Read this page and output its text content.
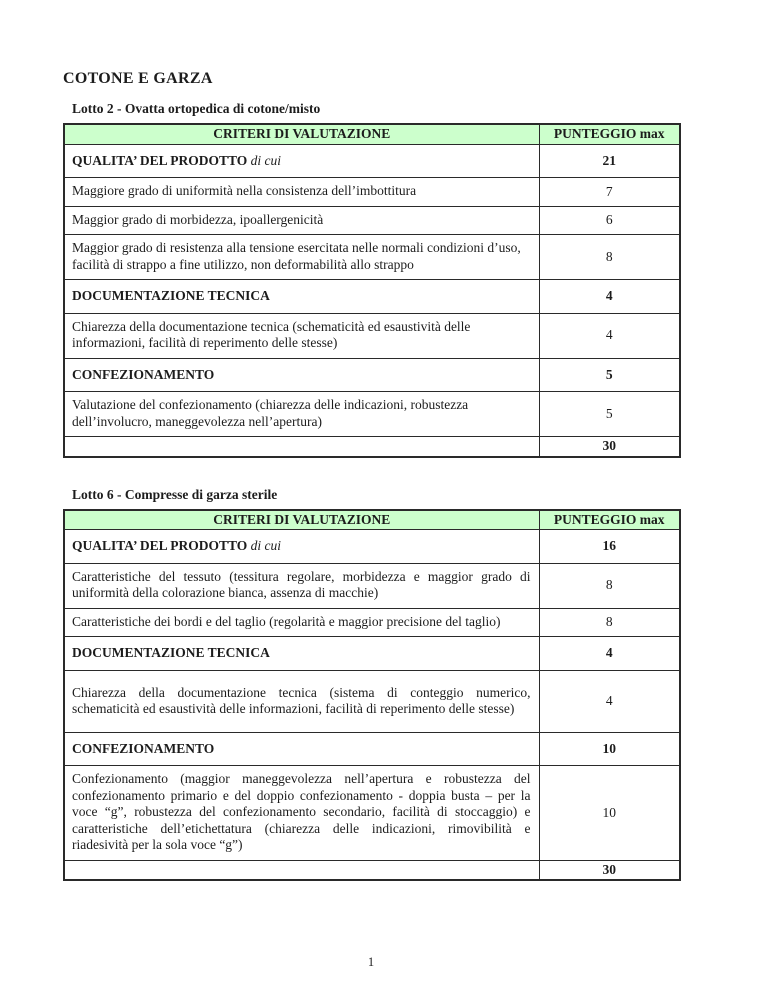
COTONE E GARZA
Lotto 2 - Ovatta ortopedica di cotone/misto
CRITERI DI VALUTAZIONE	PUNTEGGIO max
QUALITA’ DEL PRODOTTO di cui	21
Maggiore grado di uniformità nella consistenza dell’imbottitura	7
Maggior grado di morbidezza, ipoallergenicità	6
Maggior grado di resistenza alla tensione esercitata nelle normali condizioni d’uso, facilità di strappo a fine utilizzo, non deformabilità allo strappo	8
DOCUMENTAZIONE TECNICA	4
Chiarezza della documentazione tecnica (schematicità ed esaustività delle informazioni, facilità di reperimento delle stesse)	4
CONFEZIONAMENTO	5
Valutazione del confezionamento (chiarezza delle indicazioni, robustezza dell’involucro, maneggevolezza nell’apertura)	5
	30
Lotto 6 - Compresse di garza sterile
CRITERI DI VALUTAZIONE	PUNTEGGIO max
QUALITA’ DEL PRODOTTO di cui	16
Caratteristiche del tessuto (tessitura regolare, morbidezza e maggior grado di uniformità della colorazione bianca, assenza di macchie)	8
Caratteristiche dei bordi e del taglio (regolarità e maggior precisione del taglio)	8
DOCUMENTAZIONE TECNICA	4
Chiarezza della documentazione tecnica (sistema di conteggio numerico, schematicità ed esaustività delle informazioni, facilità di reperimento delle stesse)	4
CONFEZIONAMENTO	10
Confezionamento (maggior maneggevolezza nell’apertura e robustezza del confezionamento primario e del doppio confezionamento - doppia busta – per la voce “g”, robustezza del confezionamento secondario, facilità di stoccaggio) e caratteristiche dell’etichettatura (chiarezza delle indicazioni, rimovibilità e riadesività per la sola voce “g”)	10
	30
1
